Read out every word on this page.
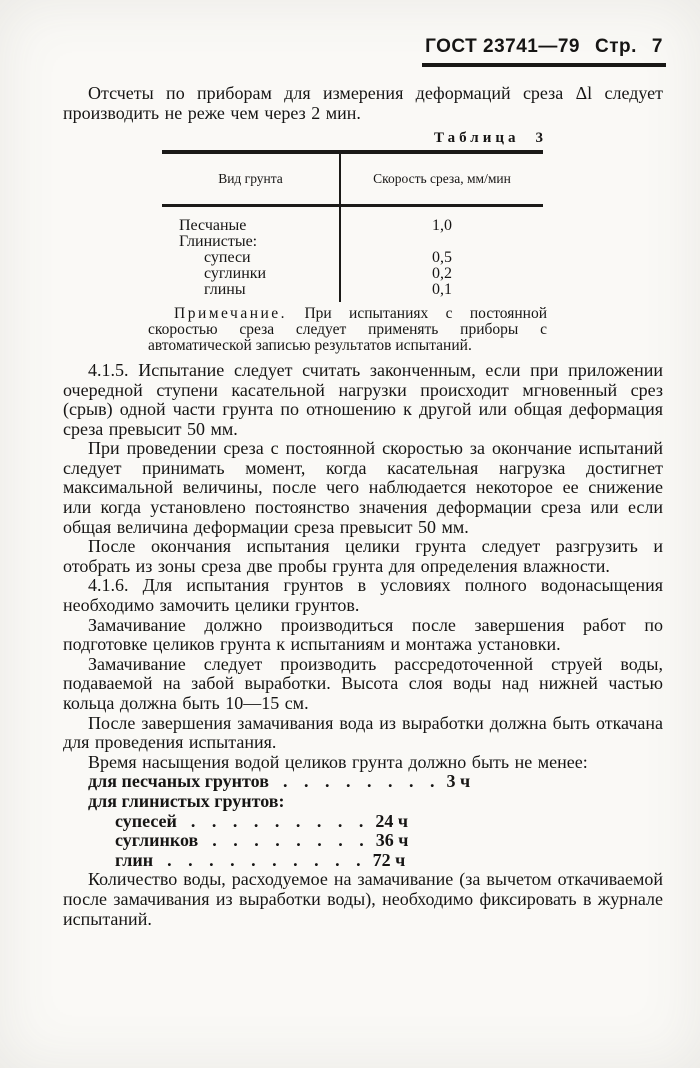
ГОСТ 23741—79 Стр. 7

Отсчеты по приборам для измерения деформаций среза Δl следует производить не реже чем через 2 мин.

Таблица 3
Вид грунта	Скорость среза, мм/мин
Песчаные	1,0
Глинистые:	
супеси	0,5
суглинки	0,2
глины	0,1

Примечание. При испытаниях с постоянной скоростью среза следует применять приборы с автоматической записью результатов испытаний.

4.1.5. Испытание следует считать законченным, если при приложении очередной ступени касательной нагрузки происходит мгновенный срез (срыв) одной части грунта по отношению к другой или общая деформация среза превысит 50 мм.

При проведении среза с постоянной скоростью за окончание испытаний следует принимать момент, когда касательная нагрузка достигнет максимальной величины, после чего наблюдается некоторое ее снижение или когда установлено постоянство значения деформации среза или если общая величина деформации среза превысит 50 мм.

После окончания испытания целики грунта следует разгрузить и отобрать из зоны среза две пробы грунта для определения влажности.

4.1.6. Для испытания грунтов в условиях полного водонасыщения необходимо замочить целики грунтов.

Замачивание должно производиться после завершения работ по подготовке целиков грунта к испытаниям и монтажа установки.

Замачивание следует производить рассредоточенной струей воды, подаваемой на забой выработки. Высота слоя воды над нижней частью кольца должна быть 10—15 см.

После завершения замачивания вода из выработки должна быть откачана для проведения испытания.

Время насыщения водой целиков грунта должно быть не менее:

для песчаных грунтов . . . . . . . . 3 ч
для глинистых грунтов:
супесей . . . . . . . . . 24 ч
суглинков . . . . . . . . 36 ч
глин . . . . . . . . . . 72 ч

Количество воды, расходуемое на замачивание (за вычетом откачиваемой после замачивания из выработки воды), необходимо фиксировать в журнале испытаний.
